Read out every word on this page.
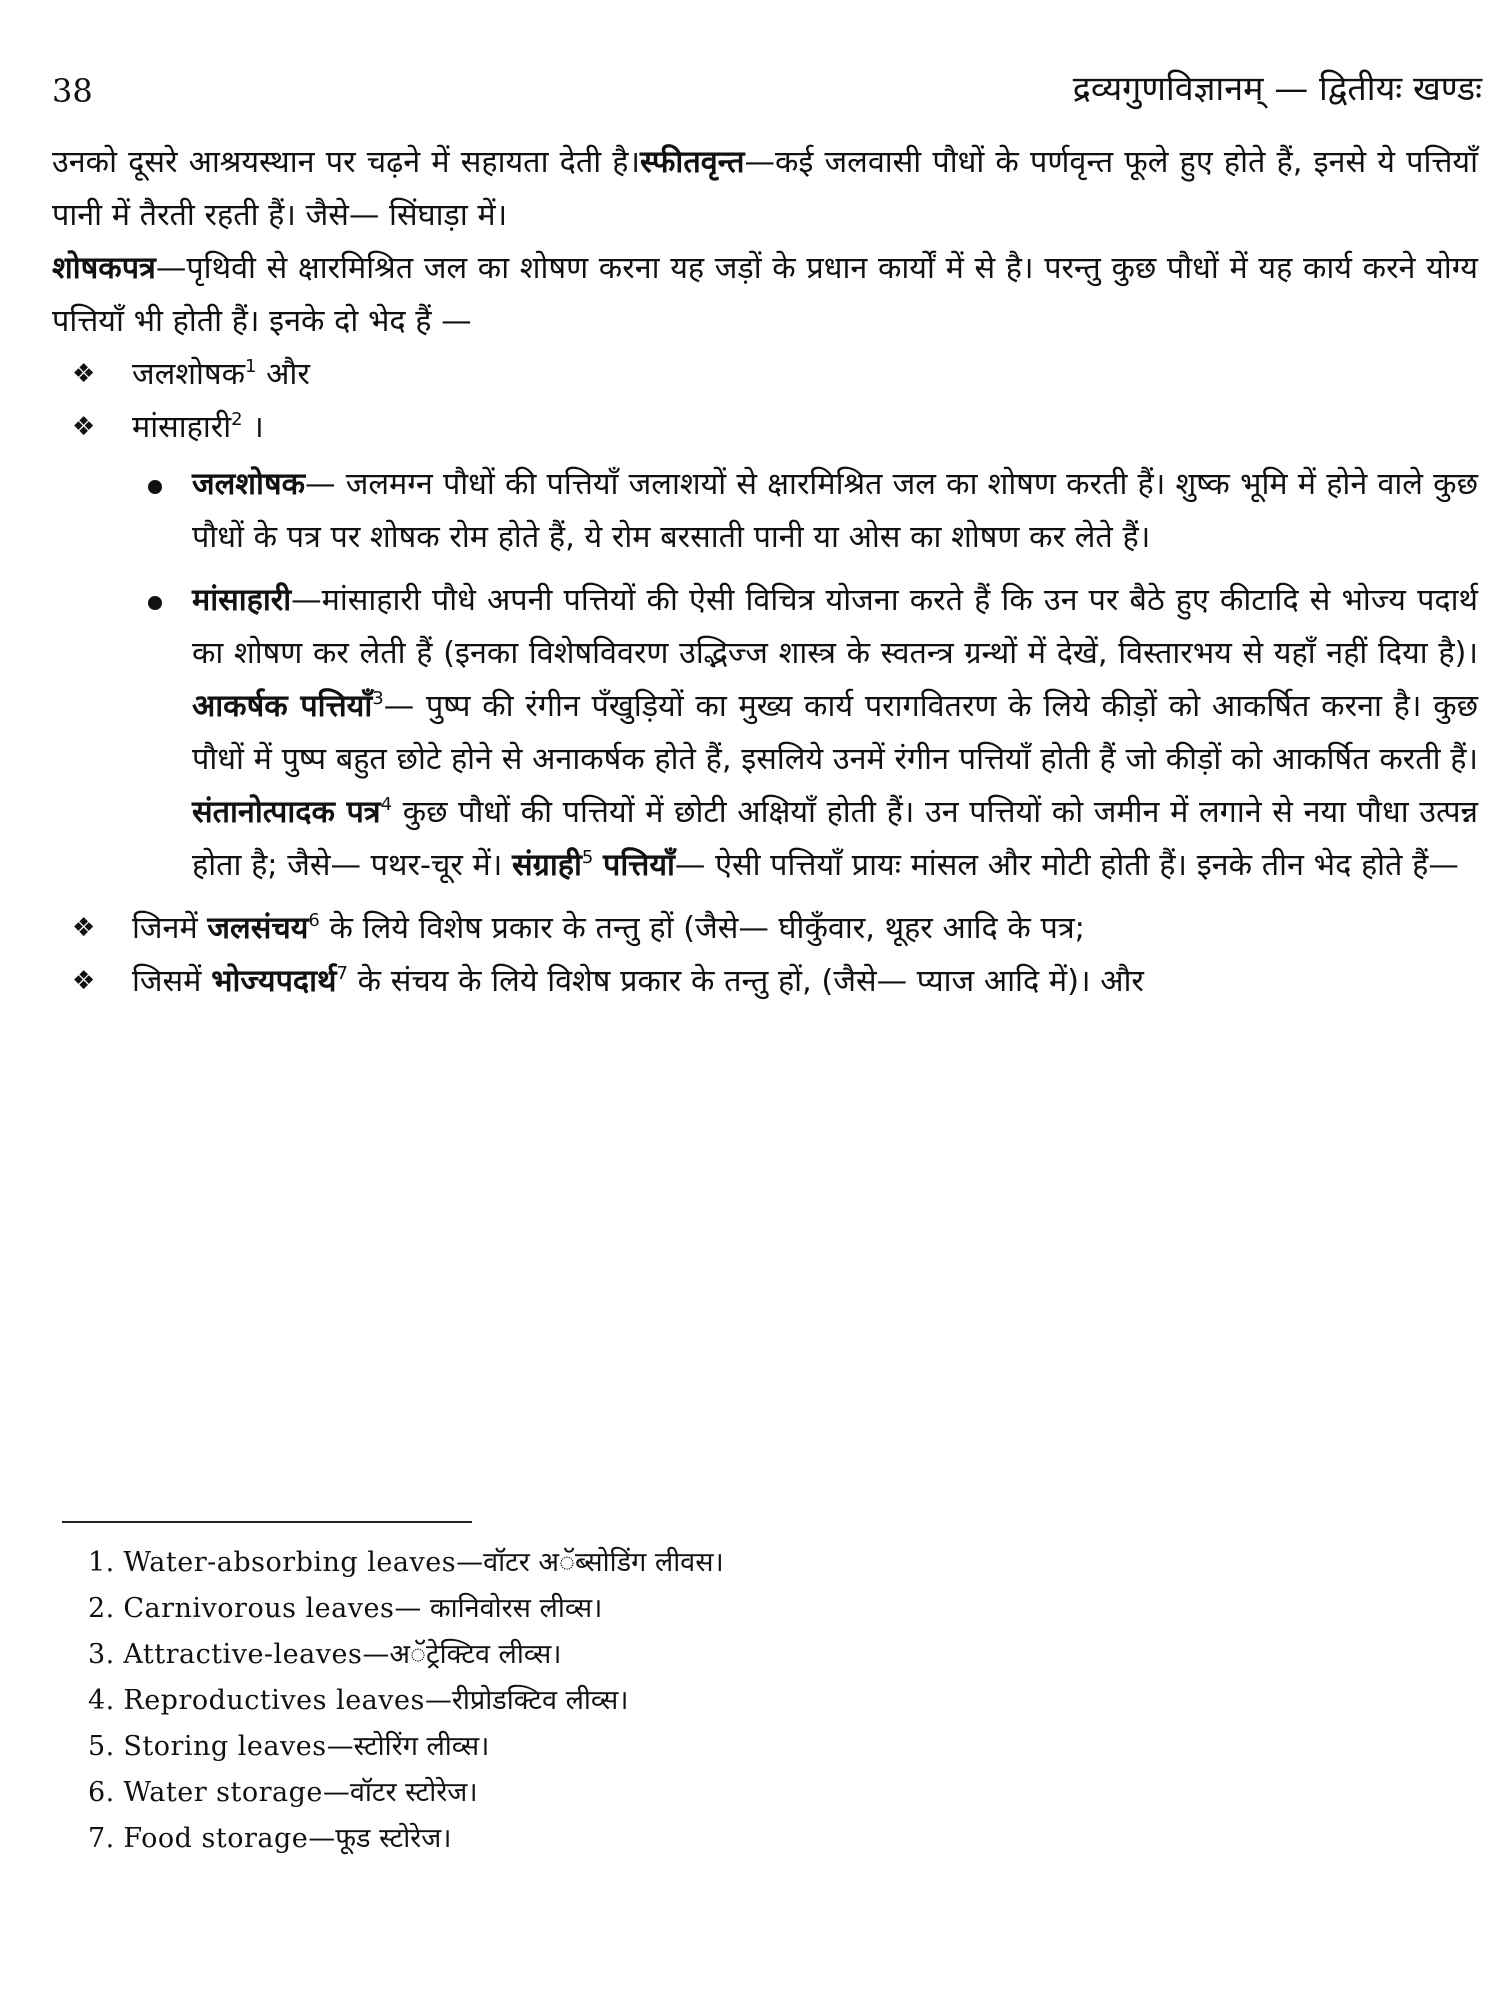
38	द्रव्यगुणविज्ञानम् — द्वितीयः खण्डः

उनको दूसरे आश्रयस्थान पर चढ़ने में सहायता देती है।स्फीतवृन्त—कई जलवासी पौधों के पर्णवृन्त फूले हुए होते हैं, इनसे ये पत्तियाँ पानी में तैरती रहती हैं। जैसे— सिंघाड़ा में।

शोषकपत्र—पृथिवी से क्षारमिश्रित जल का शोषण करना यह जड़ों के प्रधान कार्यों में से है। परन्तु कुछ पौधों में यह कार्य करने योग्य पत्तियाँ भी होती हैं। इनके दो भेद हैं —

❖ जलशोषक$^1$ और
❖ मांसाहारी$^2$ ।
जलशोषक— जलमग्न पौधों की पत्तियाँ जलाशयों से क्षारमिश्रित जल का शोषण करती हैं। शुष्क भूमि में होने वाले कुछ पौधों के पत्र पर शोषक रोम होते हैं, ये रोम बरसाती पानी या ओस का शोषण कर लेते हैं।
मांसाहारी—मांसाहारी पौधे अपनी पत्तियों की ऐसी विचित्र योजना करते हैं कि उन पर बैठे हुए कीटादि से भोज्य पदार्थ का शोषण कर लेती हैं (इनका विशेषविवरण उद्भिज्ज शास्त्र के स्वतन्त्र ग्रन्थों में देखें, विस्तारभय से यहाँ नहीं दिया है)। आकर्षक पत्तियाँ$^3$— पुष्प की रंगीन पँखुड़ियों का मुख्य कार्य परागवितरण के लिये कीड़ों को आकर्षित करना है। कुछ पौधों में पुष्प बहुत छोटे होने से अनाकर्षक होते हैं, इसलिये उनमें रंगीन पत्तियाँ होती हैं जो कीड़ों को आकर्षित करती हैं। संतानोत्पादक पत्र$^4$ कुछ पौधों की पत्तियों में छोटी अक्षियाँ होती हैं। उन पत्तियों को जमीन में लगाने से नया पौधा उत्पन्न होता है; जैसे— पथर-चूर में। संग्राही$^5$ पत्तियाँ— ऐसी पत्तियाँ प्रायः मांसल और मोटी होती हैं। इनके तीन भेद होते हैं—
❖ जिनमें जलसंचय$^6$ के लिये विशेष प्रकार के तन्तु हों (जैसे— घीकुँवार, थूहर आदि के पत्र;
❖ जिसमें भोज्यपदार्थ$^7$ के संचय के लिये विशेष प्रकार के तन्तु हों, (जैसे— प्याज आदि में)। और
1. Water-absorbing leaves—वॉटर अॅब्सोडिंग लीवस।
2. Carnivorous leaves— कानिवोरस लीव्स।
3. Attractive-leaves—अॅट्रेक्टिव लीव्स।
4. Reproductives leaves—रीप्रोडक्टिव लीव्स।
5. Storing leaves—स्टोरिंग लीव्स।
6. Water storage—वॉटर स्टोरेज।
7. Food storage—फूड स्टोरेज।
